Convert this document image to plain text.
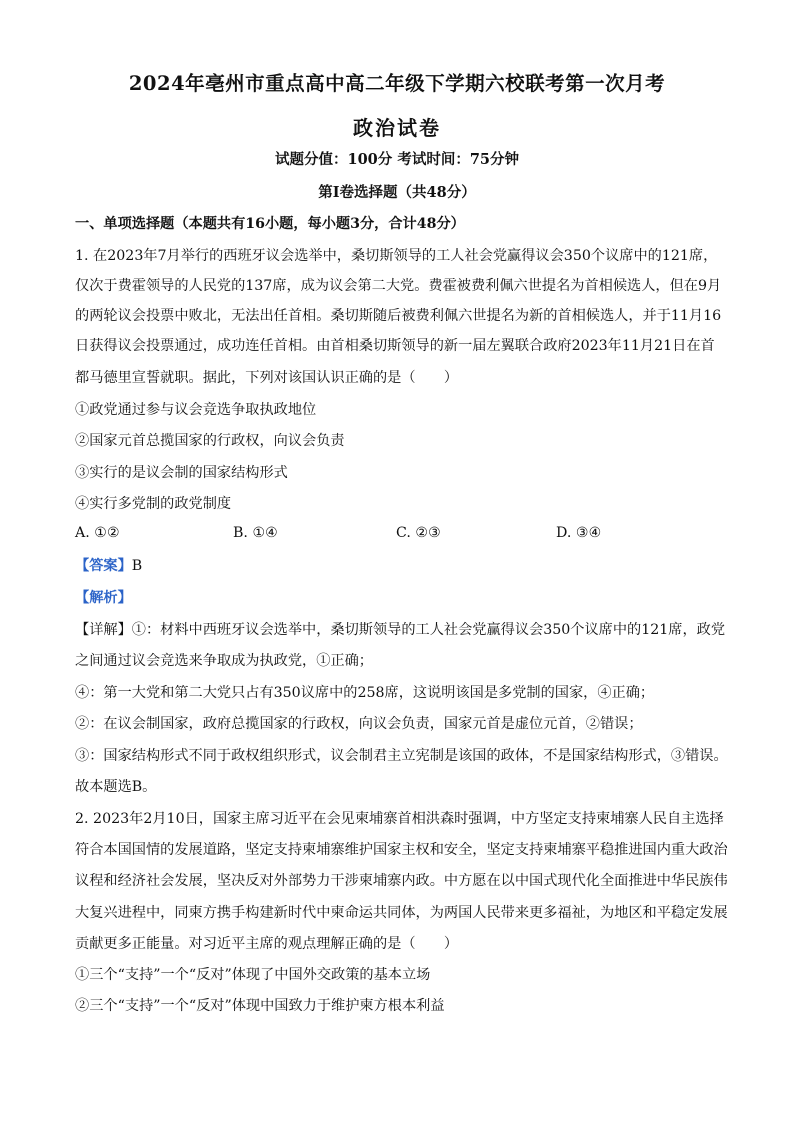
2024年亳州市重点高中高二年级下学期六校联考第一次月考
政治试卷
试题分值：100分 考试时间：75分钟
第Ⅰ卷选择题（共48分）
一、单项选择题（本题共有16小题，每小题3分，合计48分）
1. 在2023年7月举行的西班牙议会选举中，桑切斯领导的工人社会党赢得议会350个议席中的121席，
仅次于费霍领导的人民党的137席，成为议会第二大党。费霍被费利佩六世提名为首相候选人，但在9月
的两轮议会投票中败北，无法出任首相。桑切斯随后被费利佩六世提名为新的首相候选人，并于11月16
日获得议会投票通过，成功连任首相。由首相桑切斯领导的新一届左翼联合政府2023年11月21日在首
都马德里宣誓就职。据此，下列对该国认识正确的是（　　）
①政党通过参与议会竞选争取执政地位
②国家元首总揽国家的行政权，向议会负责
③实行的是议会制的国家结构形式
④实行多党制的政党制度
A. ①②	B. ①④	C. ②③	D. ③④
【答案】B
【解析】
【详解】①：材料中西班牙议会选举中，桑切斯领导的工人社会党赢得议会350个议席中的121席，政党
之间通过议会竞选来争取成为执政党，①正确；
④：第一大党和第二大党只占有350议席中的258席，这说明该国是多党制的国家，④正确；
②：在议会制国家，政府总揽国家的行政权，向议会负责，国家元首是虚位元首，②错误；
③：国家结构形式不同于政权组织形式，议会制君主立宪制是该国的政体，不是国家结构形式，③错误。
故本题选B。
2. 2023年2月10日，国家主席习近平在会见柬埔寨首相洪森时强调，中方坚定支持柬埔寨人民自主选择
符合本国国情的发展道路，坚定支持柬埔寨维护国家主权和安全，坚定支持柬埔寨平稳推进国内重大政治
议程和经济社会发展，坚决反对外部势力干涉柬埔寨内政。中方愿在以中国式现代化全面推进中华民族伟
大复兴进程中，同柬方携手构建新时代中柬命运共同体，为两国人民带来更多福祉，为地区和平稳定发展
贡献更多正能量。对习近平主席的观点理解正确的是（　　）
①三个“支持”一个“反对”体现了中国外交政策的基本立场
②三个“支持”一个“反对”体现中国致力于维护柬方根本利益
